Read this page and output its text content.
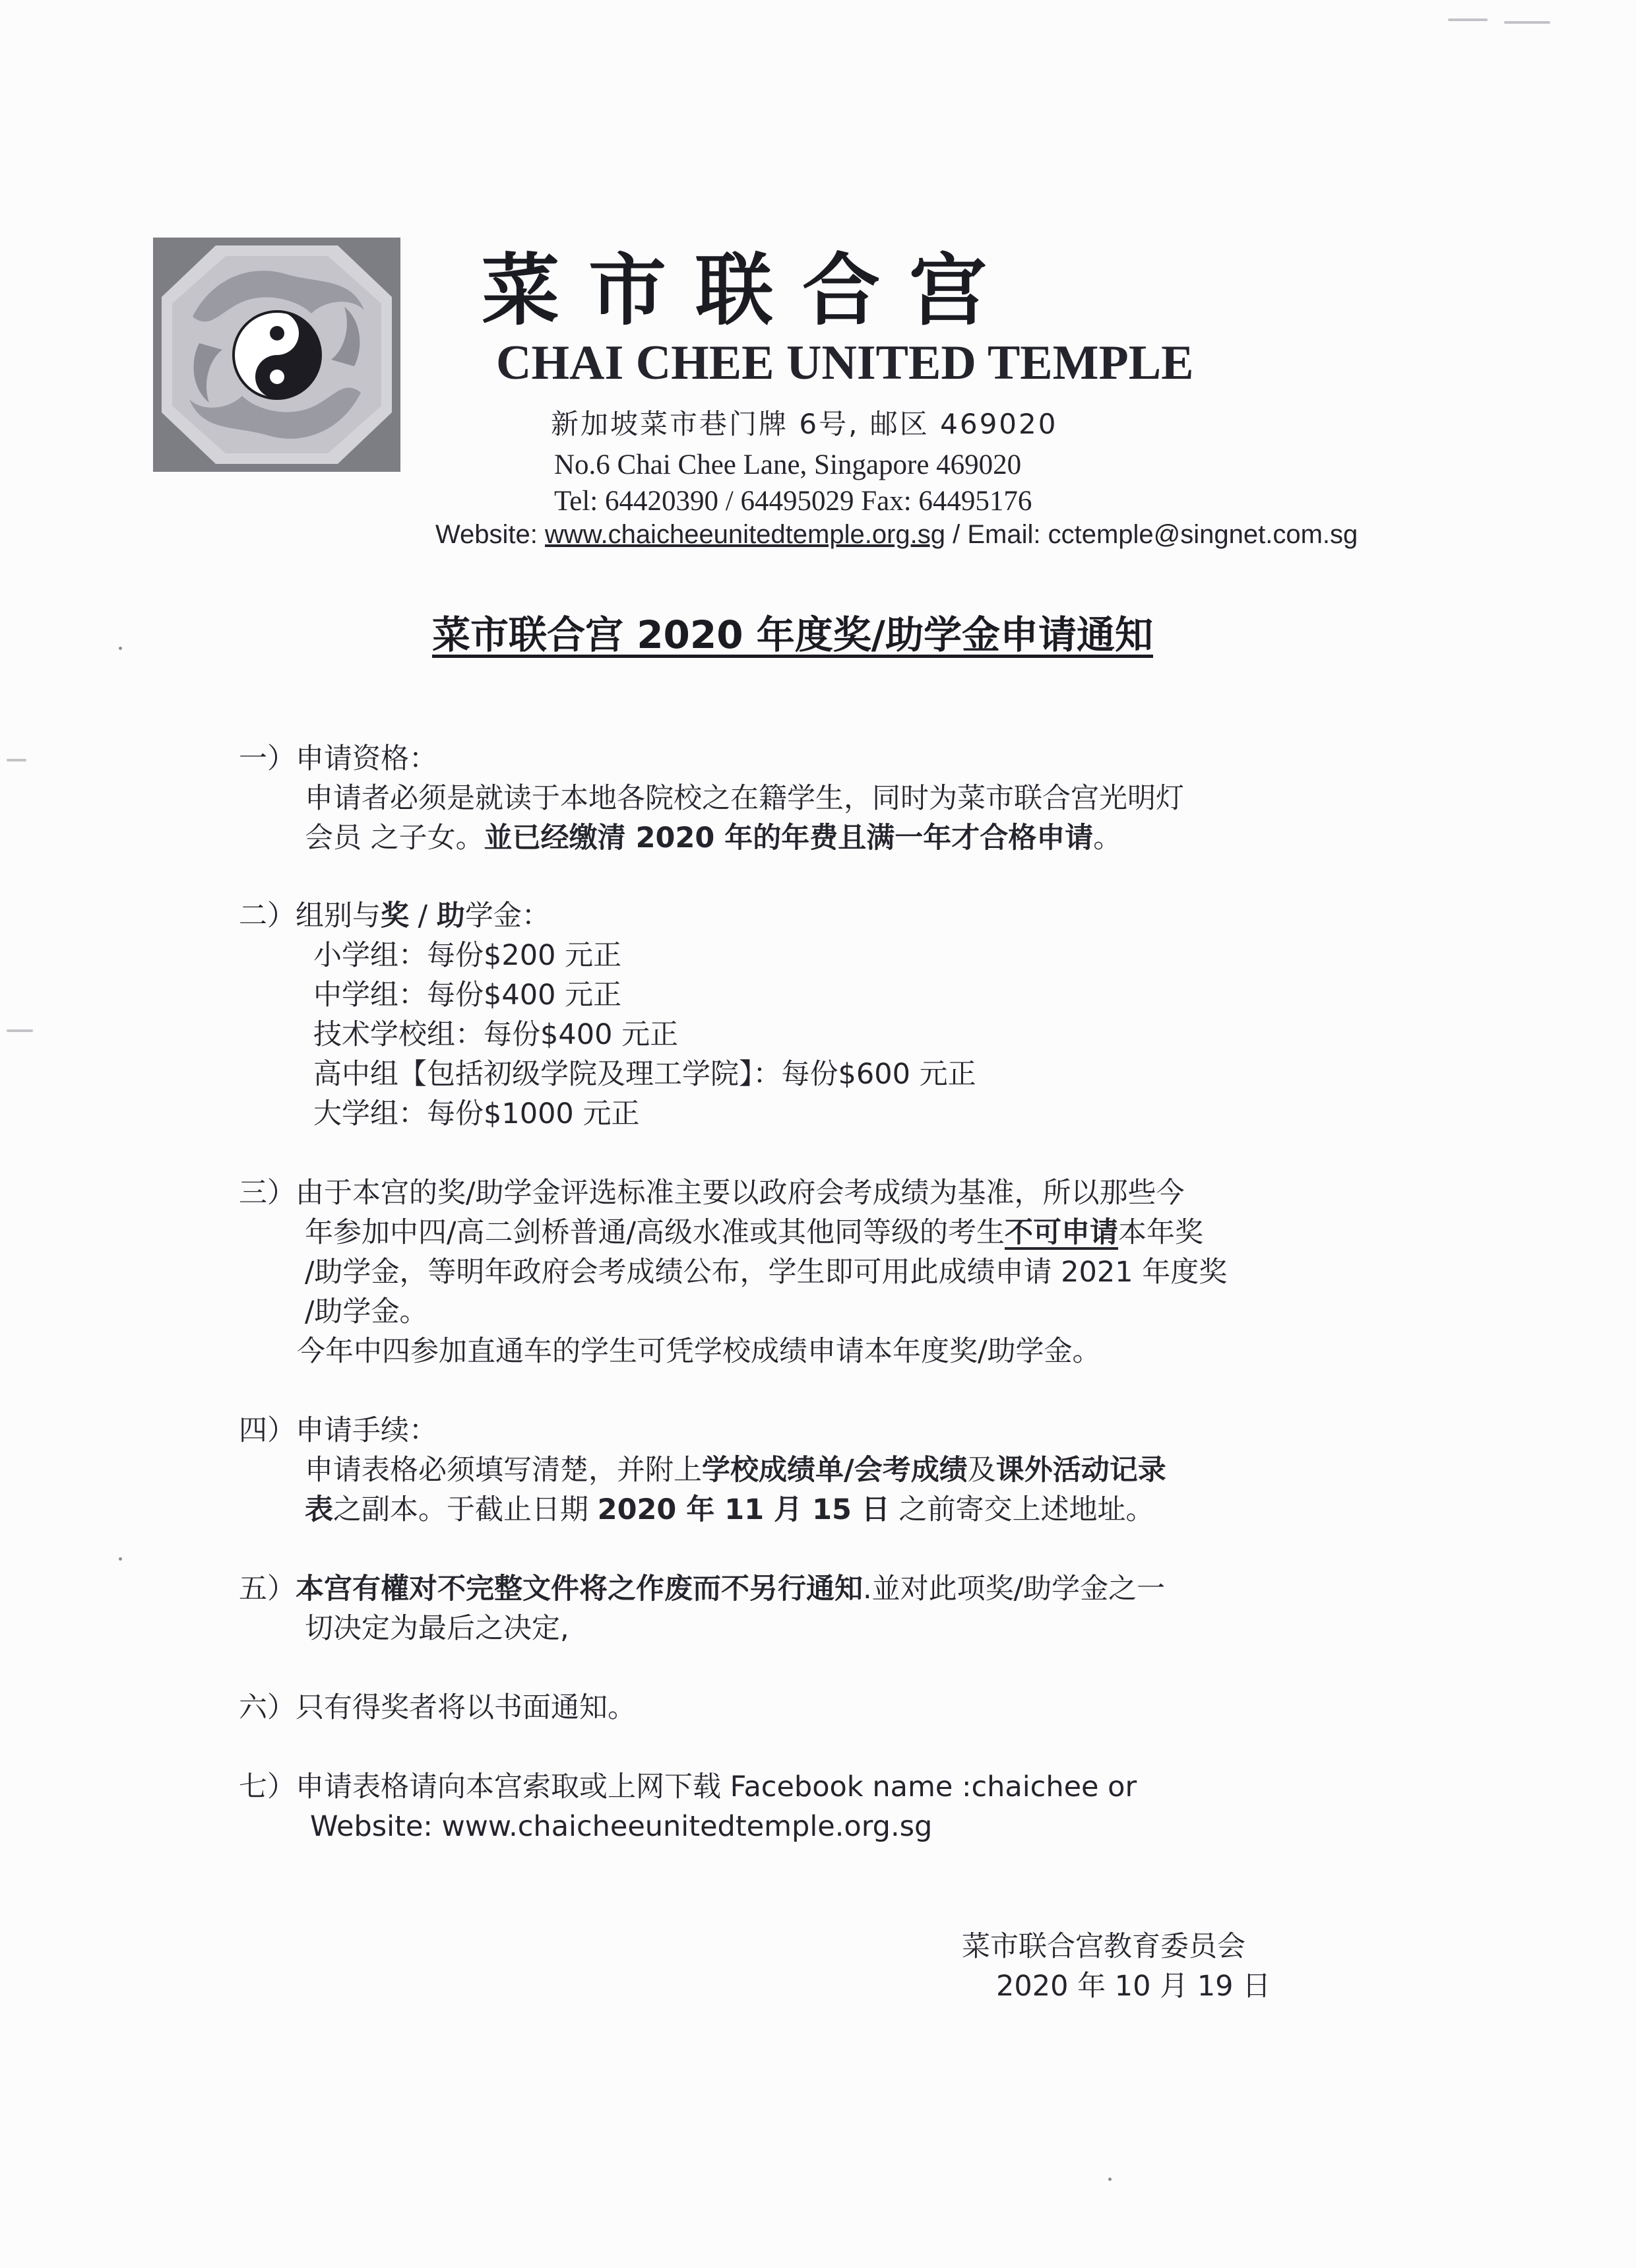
菜市联合宫
CHAI CHEE UNITED TEMPLE
新加坡菜市巷门牌 6号, 邮区 469020
No.6 Chai Chee Lane, Singapore 469020
Tel: 64420390 / 64495029 Fax: 64495176
Website: www.chaicheeunitedtemple.org.sg / Email: cctemple@singnet.com.sg
菜市联合宫 2020 年度奖/助学金申请通知
一）申请资格：
申请者必须是就读于本地各院校之在籍学生，同时为菜市联合宫光明灯
会员 之子女。並已经缴清 2020 年的年费且满一年才合格申请。
二）组别与奖 / 助学金：
小学组：每份$200 元正
中学组：每份$400 元正
技术学校组：每份$400 元正
高中组【包括初级学院及理工学院】：每份$600 元正
大学组：每份$1000 元正
三）由于本宫的奖/助学金评选标准主要以政府会考成绩为基准，所以那些今
年参加中四/高二剑桥普通/高级水准或其他同等级的考生不可申请本年奖
/助学金，等明年政府会考成绩公布，学生即可用此成绩申请 2021 年度奖
/助学金。
今年中四参加直通车的学生可凭学校成绩申请本年度奖/助学金。
四）申请手续：
申请表格必须填写清楚，并附上学校成绩单/会考成绩及课外活动记录
表之副本。于截止日期 2020 年 11 月 15 日 之前寄交上述地址。
五）本宫有權对不完整文件将之作废而不另行通知.並对此项奖/助学金之一
切决定为最后之决定,
六）只有得奖者将以书面通知。
七）申请表格请向本宫索取或上网下载 Facebook name :chaichee or
Website: www.chaicheeunitedtemple.org.sg
菜市联合宫教育委员会
2020 年 10 月 19 日
